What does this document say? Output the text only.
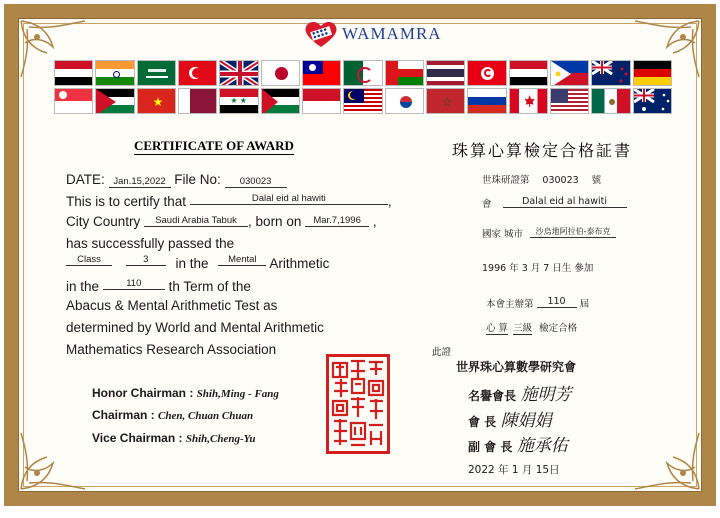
WAMAMRA
★	★ ★	☆
CERTIFICATE OF AWARD
DATE: Jan.15,2022 File No: 030023
This is to certify that	Dalal eid al hawiti	,
City Country Saudi Arabia Tabuk , born on Mar.7,1996 ,
has successfully passed the
Class	3 in the Mental Arithmetic
in the	110 th Term of the
Abacus & Mental Arithmetic Test as
determined by World and Mental Arithmetic
Mathematics Research Association
Honor Chairman : Shih,Ming - Fang
Chairman : Chen, Chuan Chuan
Vice Chairman : Shih,Cheng-Yu
珠算心算檢定合格証書
世珠研證第 030023 號
會	Dalal eid al hawiti
國家 城市 沙烏地阿拉伯-泰布克
1996 年 3 月 7 日生 參加
本會主辦第 110 屆
心 算 三級 檢定合格
此證
世界珠心算數學研究會
名譽會長 施明芳
會 長 陳娟娟
副 會 長 施承佑
2022 年 1 月 15日
